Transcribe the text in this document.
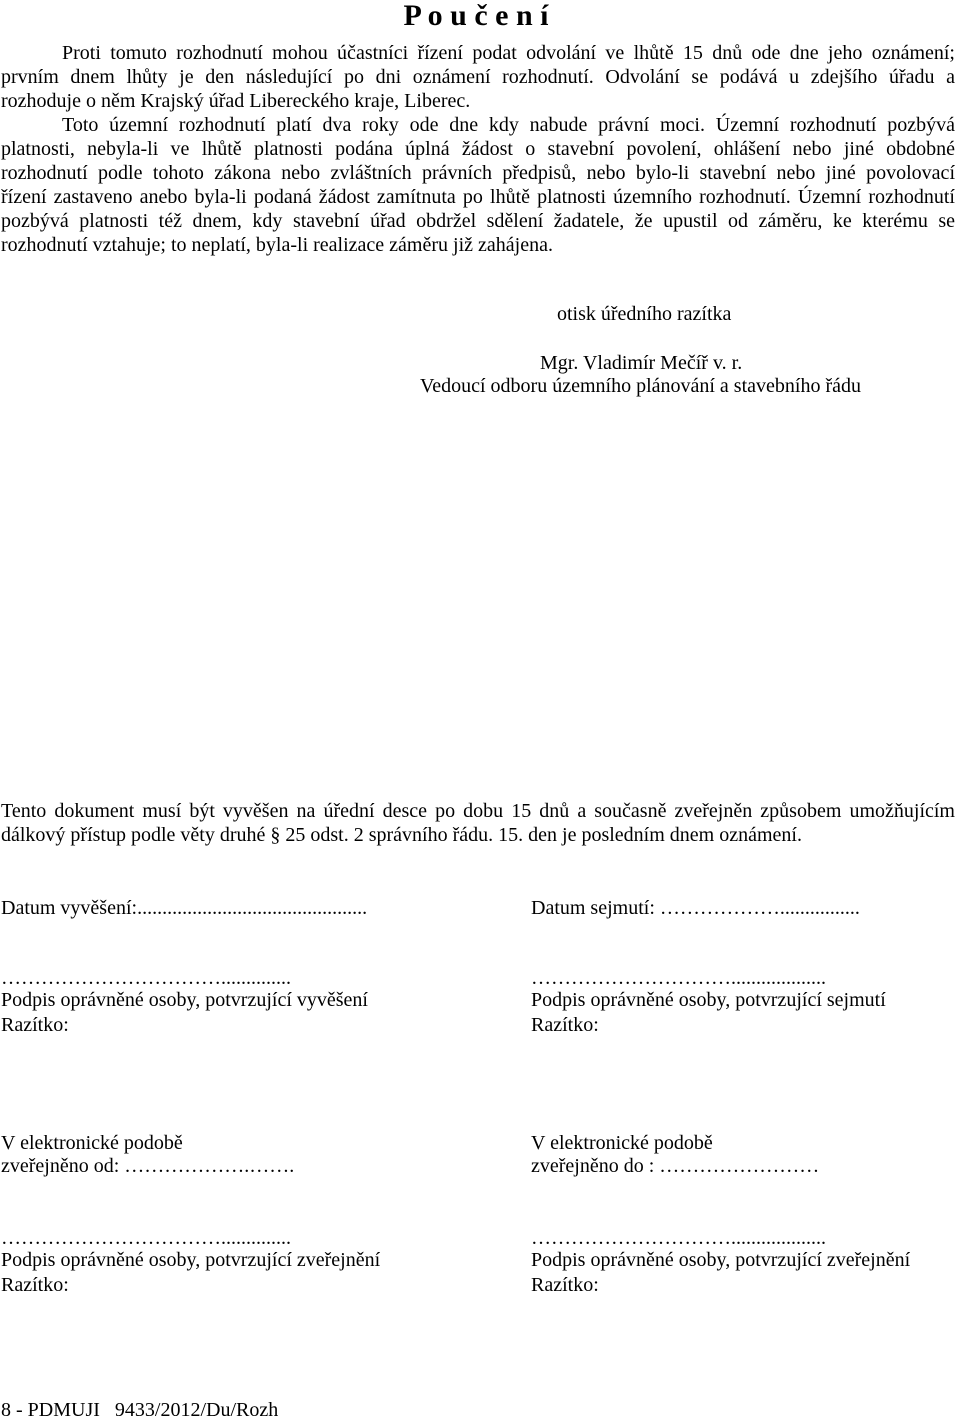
P o u č e n í
Proti tomuto rozhodnutí mohou účastníci řízení podat odvolání ve lhůtě 15 dnů ode dne jeho oznámení;
prvním dnem lhůty je den následující po dni oznámení rozhodnutí. Odvolání se podává u zdejšího úřadu a
rozhoduje o něm Krajský úřad Libereckého kraje, Liberec.
Toto územní rozhodnutí platí dva roky ode dne kdy nabude právní moci. Územní rozhodnutí pozbývá
platnosti, nebyla-li ve lhůtě platnosti podána úplná žádost o stavební povolení, ohlášení nebo jiné obdobné
rozhodnutí podle tohoto zákona nebo zvláštních právních předpisů, nebo bylo-li stavební nebo jiné povolovací
řízení zastaveno anebo byla-li podaná žádost zamítnuta po lhůtě platnosti územního rozhodnutí. Územní rozhodnutí
pozbývá platnosti též dnem, kdy stavební úřad obdržel sdělení žadatele, že upustil od záměru, ke kterému se
rozhodnutí vztahuje; to neplatí, byla-li realizace záměru již zahájena.
otisk úředního razítka
Mgr. Vladimír Mečíř v. r.
Vedoucí odboru územního plánování a stavebního řádu
Tento dokument musí být vyvěšen na úřední desce po dobu 15 dnů a současně zveřejněn způsobem umožňujícím
dálkový přístup podle věty druhé § 25 odst. 2 správního řádu. 15. den je posledním dnem oznámení.
Datum vyvěšení:..............................................	Datum sejmutí: ………………................
……………………………..............	…………………………...................
Podpis oprávněné osoby, potvrzující vyvěšení	Podpis oprávněné osoby, potvrzující sejmutí
Razítko:	Razítko:
V elektronické podobě	V elektronické podobě
zveřejněno od: ……………….…….	zveřejněno do : ……………………
……………………………..............	…………………………...................
Podpis oprávněné osoby, potvrzující zveřejnění	Podpis oprávněné osoby, potvrzující zveřejnění
Razítko:	Razítko:
8 - PDMUJI   9433/2012/Du/Rozh
